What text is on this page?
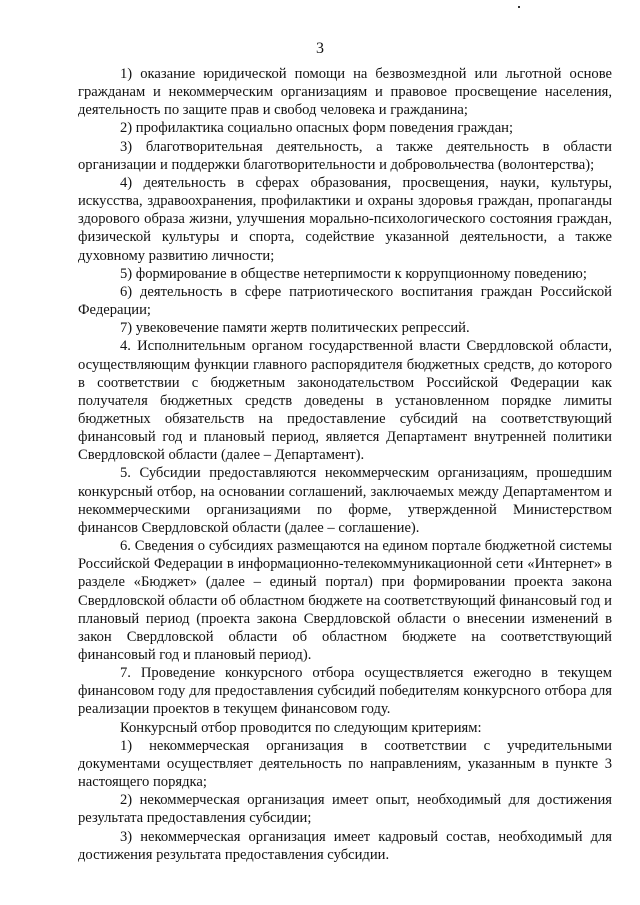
3

1) оказание юридической помощи на безвозмездной или льготной основе гражданам и некоммерческим организациям и правовое просвещение населения, деятельность по защите прав и свобод человека и гражданина;

2) профилактика социально опасных форм поведения граждан;

3) благотворительная деятельность, а также деятельность в области организации и поддержки благотворительности и добровольчества (волонтерства);

4) деятельность в сферах образования, просвещения, науки, культуры, искусства, здравоохранения, профилактики и охраны здоровья граждан, пропаганды здорового образа жизни, улучшения морально-психологического состояния граждан, физической культуры и спорта, содействие указанной деятельности, а также духовному развитию личности;

5) формирование в обществе нетерпимости к коррупционному поведению;

6) деятельность в сфере патриотического воспитания граждан Российской Федерации;

7) увековечение памяти жертв политических репрессий.

4. Исполнительным органом государственной власти Свердловской области, осуществляющим функции главного распорядителя бюджетных средств, до которого в соответствии с бюджетным законодательством Российской Федерации как получателя бюджетных средств доведены в установленном порядке лимиты бюджетных обязательств на предоставление субсидий на соответствующий финансовый год и плановый период, является Департамент внутренней политики Свердловской области (далее – Департамент).

5. Субсидии предоставляются некоммерческим организациям, прошедшим конкурсный отбор, на основании соглашений, заключаемых между Департаментом и некоммерческими организациями по форме, утвержденной Министерством финансов Свердловской области (далее – соглашение).

6. Сведения о субсидиях размещаются на едином портале бюджетной системы Российской Федерации в информационно-телекоммуникационной сети «Интернет» в разделе «Бюджет» (далее – единый портал) при формировании проекта закона Свердловской области об областном бюджете на соответствующий финансовый год и плановый период (проекта закона Свердловской области о внесении изменений в закон Свердловской области об областном бюджете на соответствующий финансовый год и плановый период).

7. Проведение конкурсного отбора осуществляется ежегодно в текущем финансовом году для предоставления субсидий победителям конкурсного отбора для реализации проектов в текущем финансовом году.

Конкурсный отбор проводится по следующим критериям:

1) некоммерческая организация в соответствии с учредительными документами осуществляет деятельность по направлениям, указанным в пункте 3 настоящего порядка;

2) некоммерческая организация имеет опыт, необходимый для достижения результата предоставления субсидии;

3) некоммерческая организация имеет кадровый состав, необходимый для достижения результата предоставления субсидии.
